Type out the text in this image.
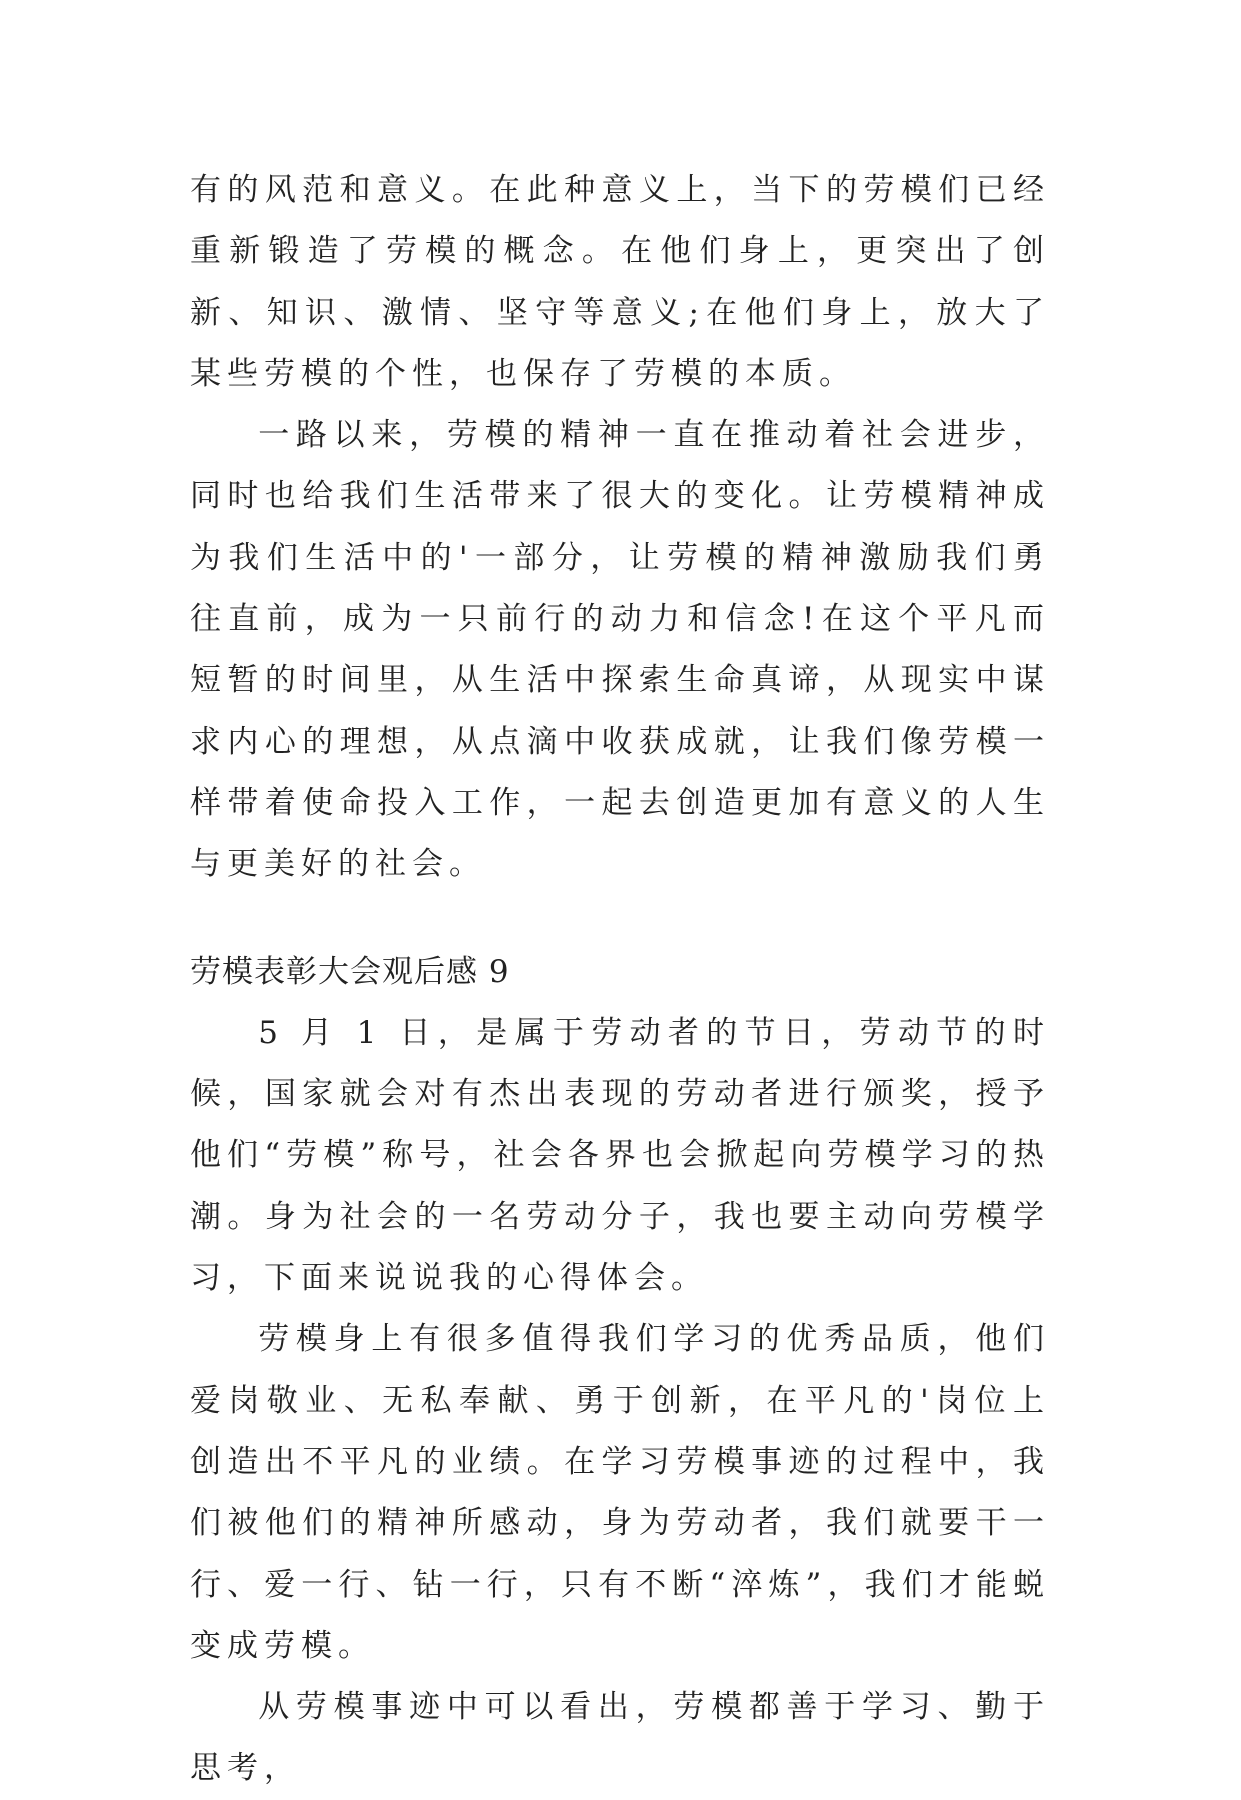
有的风范和意义。在此种意义上，当下的劳模们已经重新锻造了劳模的概念。在他们身上，更突出了创新、知识、激情、坚守等意义;在他们身上，放大了某些劳模的个性，也保存了劳模的本质。

一路以来，劳模的精神一直在推动着社会进步，同时也给我们生活带来了很大的变化。让劳模精神成为我们生活中的'一部分，让劳模的精神激励我们勇往直前，成为一只前行的动力和信念!在这个平凡而短暂的时间里，从生活中探索生命真谛，从现实中谋求内心的理想，从点滴中收获成就，让我们像劳模一样带着使命投入工作，一起去创造更加有意义的人生与更美好的社会。

劳模表彰大会观后感 9

5 月 1 日，是属于劳动者的节日，劳动节的时候，国家就会对有杰出表现的劳动者进行颁奖，授予他们“劳模”称号，社会各界也会掀起向劳模学习的热潮。身为社会的一名劳动分子，我也要主动向劳模学习，下面来说说我的心得体会。

劳模身上有很多值得我们学习的优秀品质，他们爱岗敬业、无私奉献、勇于创新，在平凡的'岗位上创造出不平凡的业绩。在学习劳模事迹的过程中，我们被他们的精神所感动，身为劳动者，我们就要干一行、爱一行、钻一行，只有不断“淬炼”，我们才能蜕变成劳模。

从劳模事迹中可以看出，劳模都善于学习、勤于思考，
